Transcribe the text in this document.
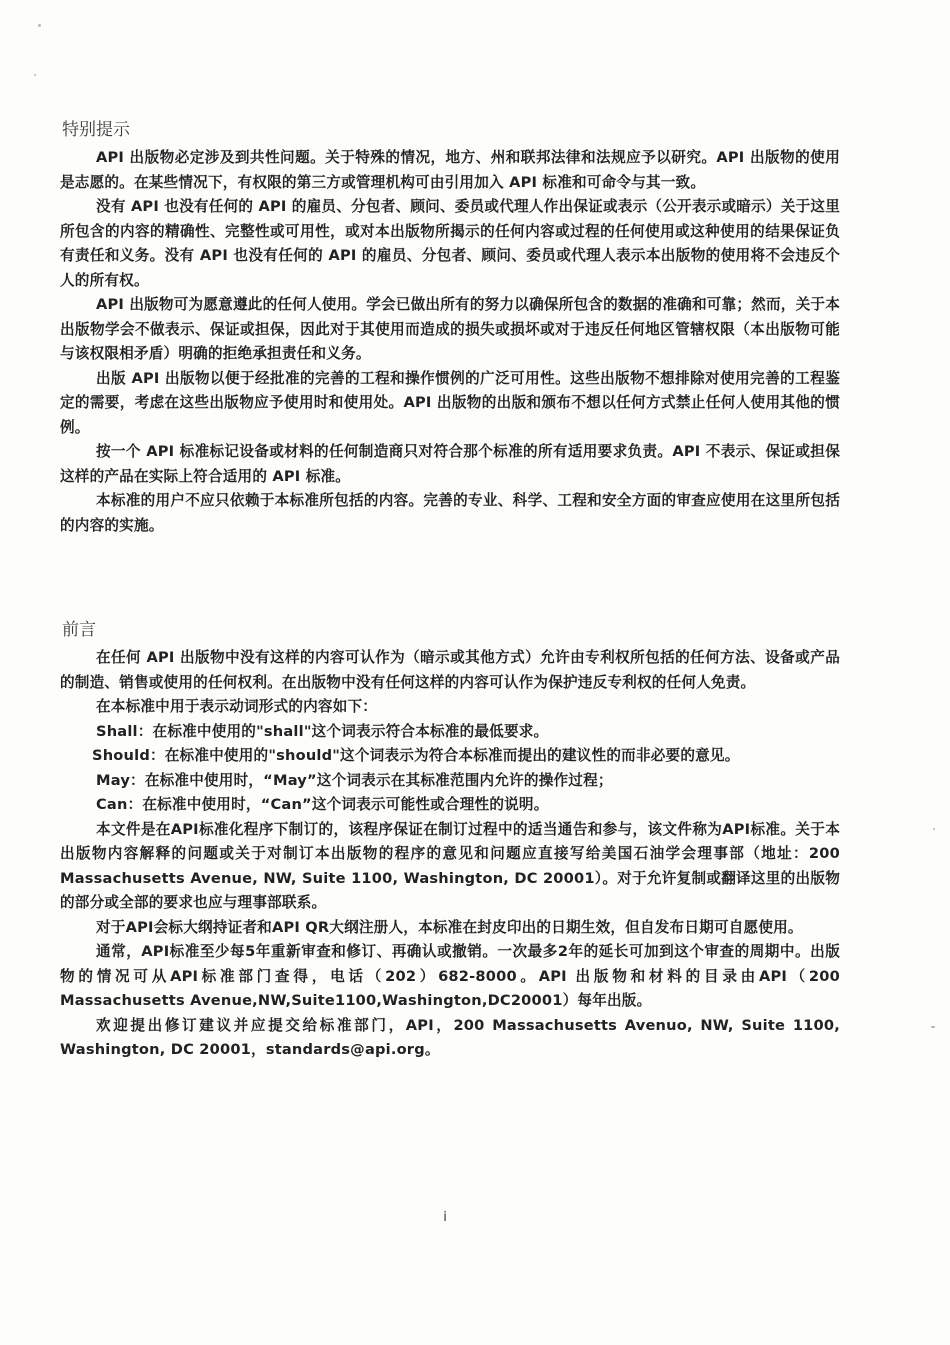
特别提示

API 出版物必定涉及到共性问题。关于特殊的情况，地方、州和联邦法律和法规应予以研究。API 出版物的使用是志愿的。在某些情况下，有权限的第三方或管理机构可由引用加入 API 标准和可命令与其一致。

没有 API 也没有任何的 API 的雇员、分包者、顾问、委员或代理人作出保证或表示（公开表示或暗示）关于这里所包含的内容的精确性、完整性或可用性，或对本出版物所揭示的任何内容或过程的任何使用或这种使用的结果保证负有责任和义务。没有 API 也没有任何的 API 的雇员、分包者、顾问、委员或代理人表示本出版物的使用将不会违反个人的所有权。

API 出版物可为愿意遵此的任何人使用。学会已做出所有的努力以确保所包含的数据的准确和可靠；然而，关于本出版物学会不做表示、保证或担保，因此对于其使用而造成的损失或损坏或对于违反任何地区管辖权限（本出版物可能与该权限相矛盾）明确的拒绝承担责任和义务。

出版 API 出版物以便于经批准的完善的工程和操作惯例的广泛可用性。这些出版物不想排除对使用完善的工程鉴定的需要，考虑在这些出版物应予使用时和使用处。API 出版物的出版和颁布不想以任何方式禁止任何人使用其他的惯例。

按一个 API 标准标记设备或材料的任何制造商只对符合那个标准的所有适用要求负责。API 不表示、保证或担保这样的产品在实际上符合适用的 API 标准。

本标准的用户不应只依赖于本标准所包括的内容。完善的专业、科学、工程和安全方面的审查应使用在这里所包括的内容的实施。

前言

在任何 API 出版物中没有这样的内容可认作为（暗示或其他方式）允许由专利权所包括的任何方法、设备或产品的制造、销售或使用的任何权利。在出版物中没有任何这样的内容可认作为保护违反专利权的任何人免责。

在本标准中用于表示动词形式的内容如下：

Shall：在标准中使用的"shall"这个词表示符合本标准的最低要求。

Should：在标准中使用的"should"这个词表示为符合本标准而提出的建议性的而非必要的意见。

May：在标准中使用时，“May”这个词表示在其标准范围内允许的操作过程；

Can：在标准中使用时，“Can”这个词表示可能性或合理性的说明。

本文件是在API标准化程序下制订的，该程序保证在制订过程中的适当通告和参与，该文件称为API标准。关于本出版物内容解释的问题或关于对制订本出版物的程序的意见和问题应直接写给美国石油学会理事部（地址：200 Massachusetts Avenue, NW, Suite 1100, Washington, DC 20001）。对于允许复制或翻译这里的出版物的部分或全部的要求也应与理事部联系。

对于API会标大纲持证者和API QR大纲注册人，本标准在封皮印出的日期生效，但自发布日期可自愿使用。

通常，API标准至少每5年重新审查和修订、再确认或撤销。一次最多2年的延长可加到这个审查的周期中。出版物的情况可从API标准部门查得，电话（202）682-8000。API 出版物和材料的目录由API（200 Massachusetts Avenue,NW,Suite1100,Washington,DC20001）每年出版。

欢迎提出修订建议并应提交给标准部门，API，200 Massachusetts Avenuo, NW, Suite 1100, Washington, DC 20001，standards@api.org。

i
